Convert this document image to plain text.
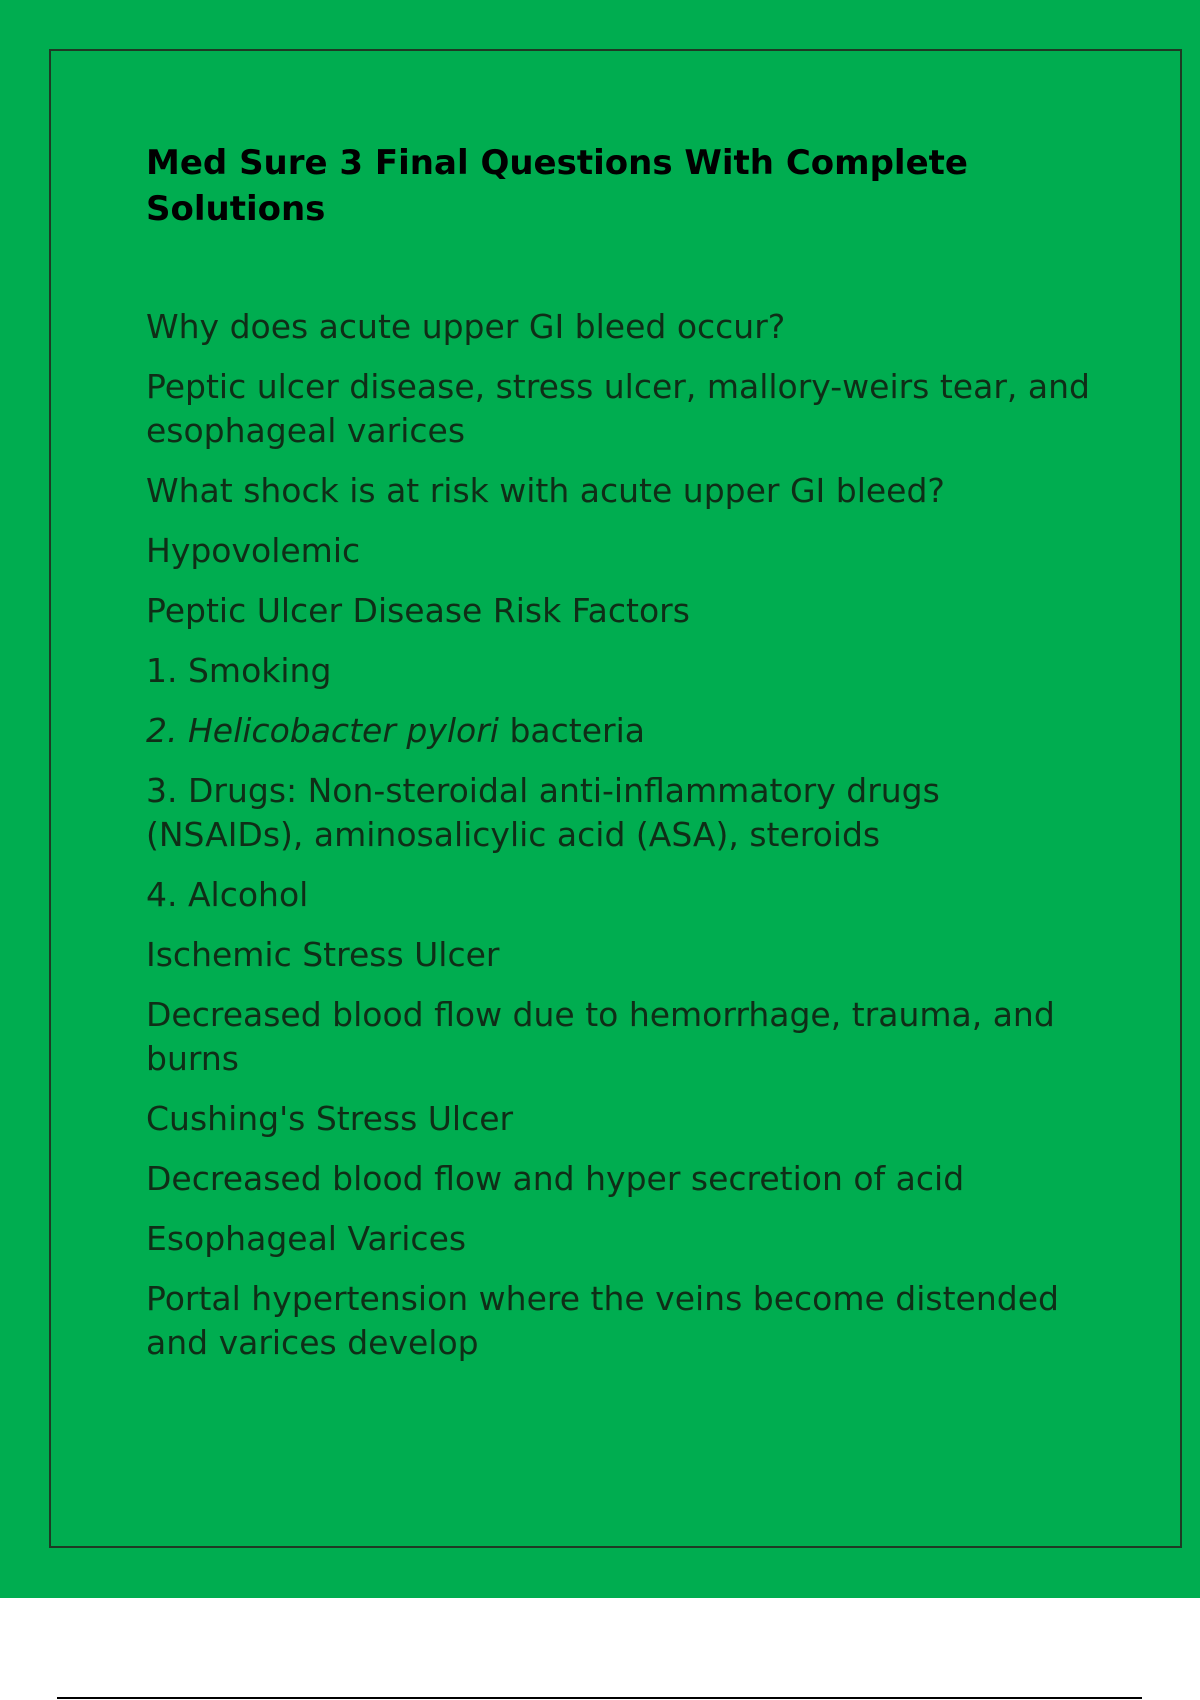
Med Sure 3 Final Questions With Complete Solutions
Why does acute upper GI bleed occur?
Peptic ulcer disease, stress ulcer, mallory-weirs tear, and esophageal varices
What shock is at risk with acute upper GI bleed?
Hypovolemic
Peptic Ulcer Disease Risk Factors
1. Smoking
2. Helicobacter pylori bacteria
3. Drugs: Non-steroidal anti-inflammatory drugs (NSAIDs), aminosalicylic acid (ASA), steroids
4. Alcohol
Ischemic Stress Ulcer
Decreased blood flow due to hemorrhage, trauma, and burns
Cushing's Stress Ulcer
Decreased blood flow and hyper secretion of acid
Esophageal Varices
Portal hypertension where the veins become distended and varices develop
